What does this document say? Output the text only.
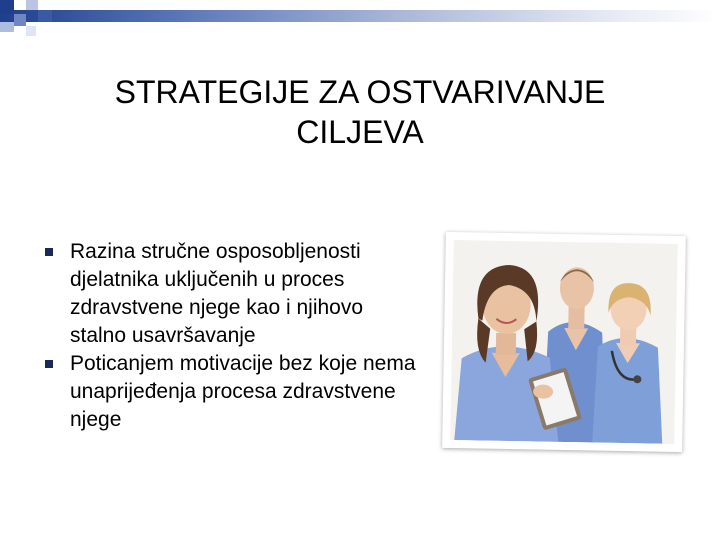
STRATEGIJE ZA OSTVARIVANJE CILJEVA
Razina stručne osposobljenosti djelatnika uključenih u proces zdravstvene njege kao i njihovo stalno usavršavanje
Poticanjem motivacije bez koje nema unaprijeđenja procesa zdravstvene njege
